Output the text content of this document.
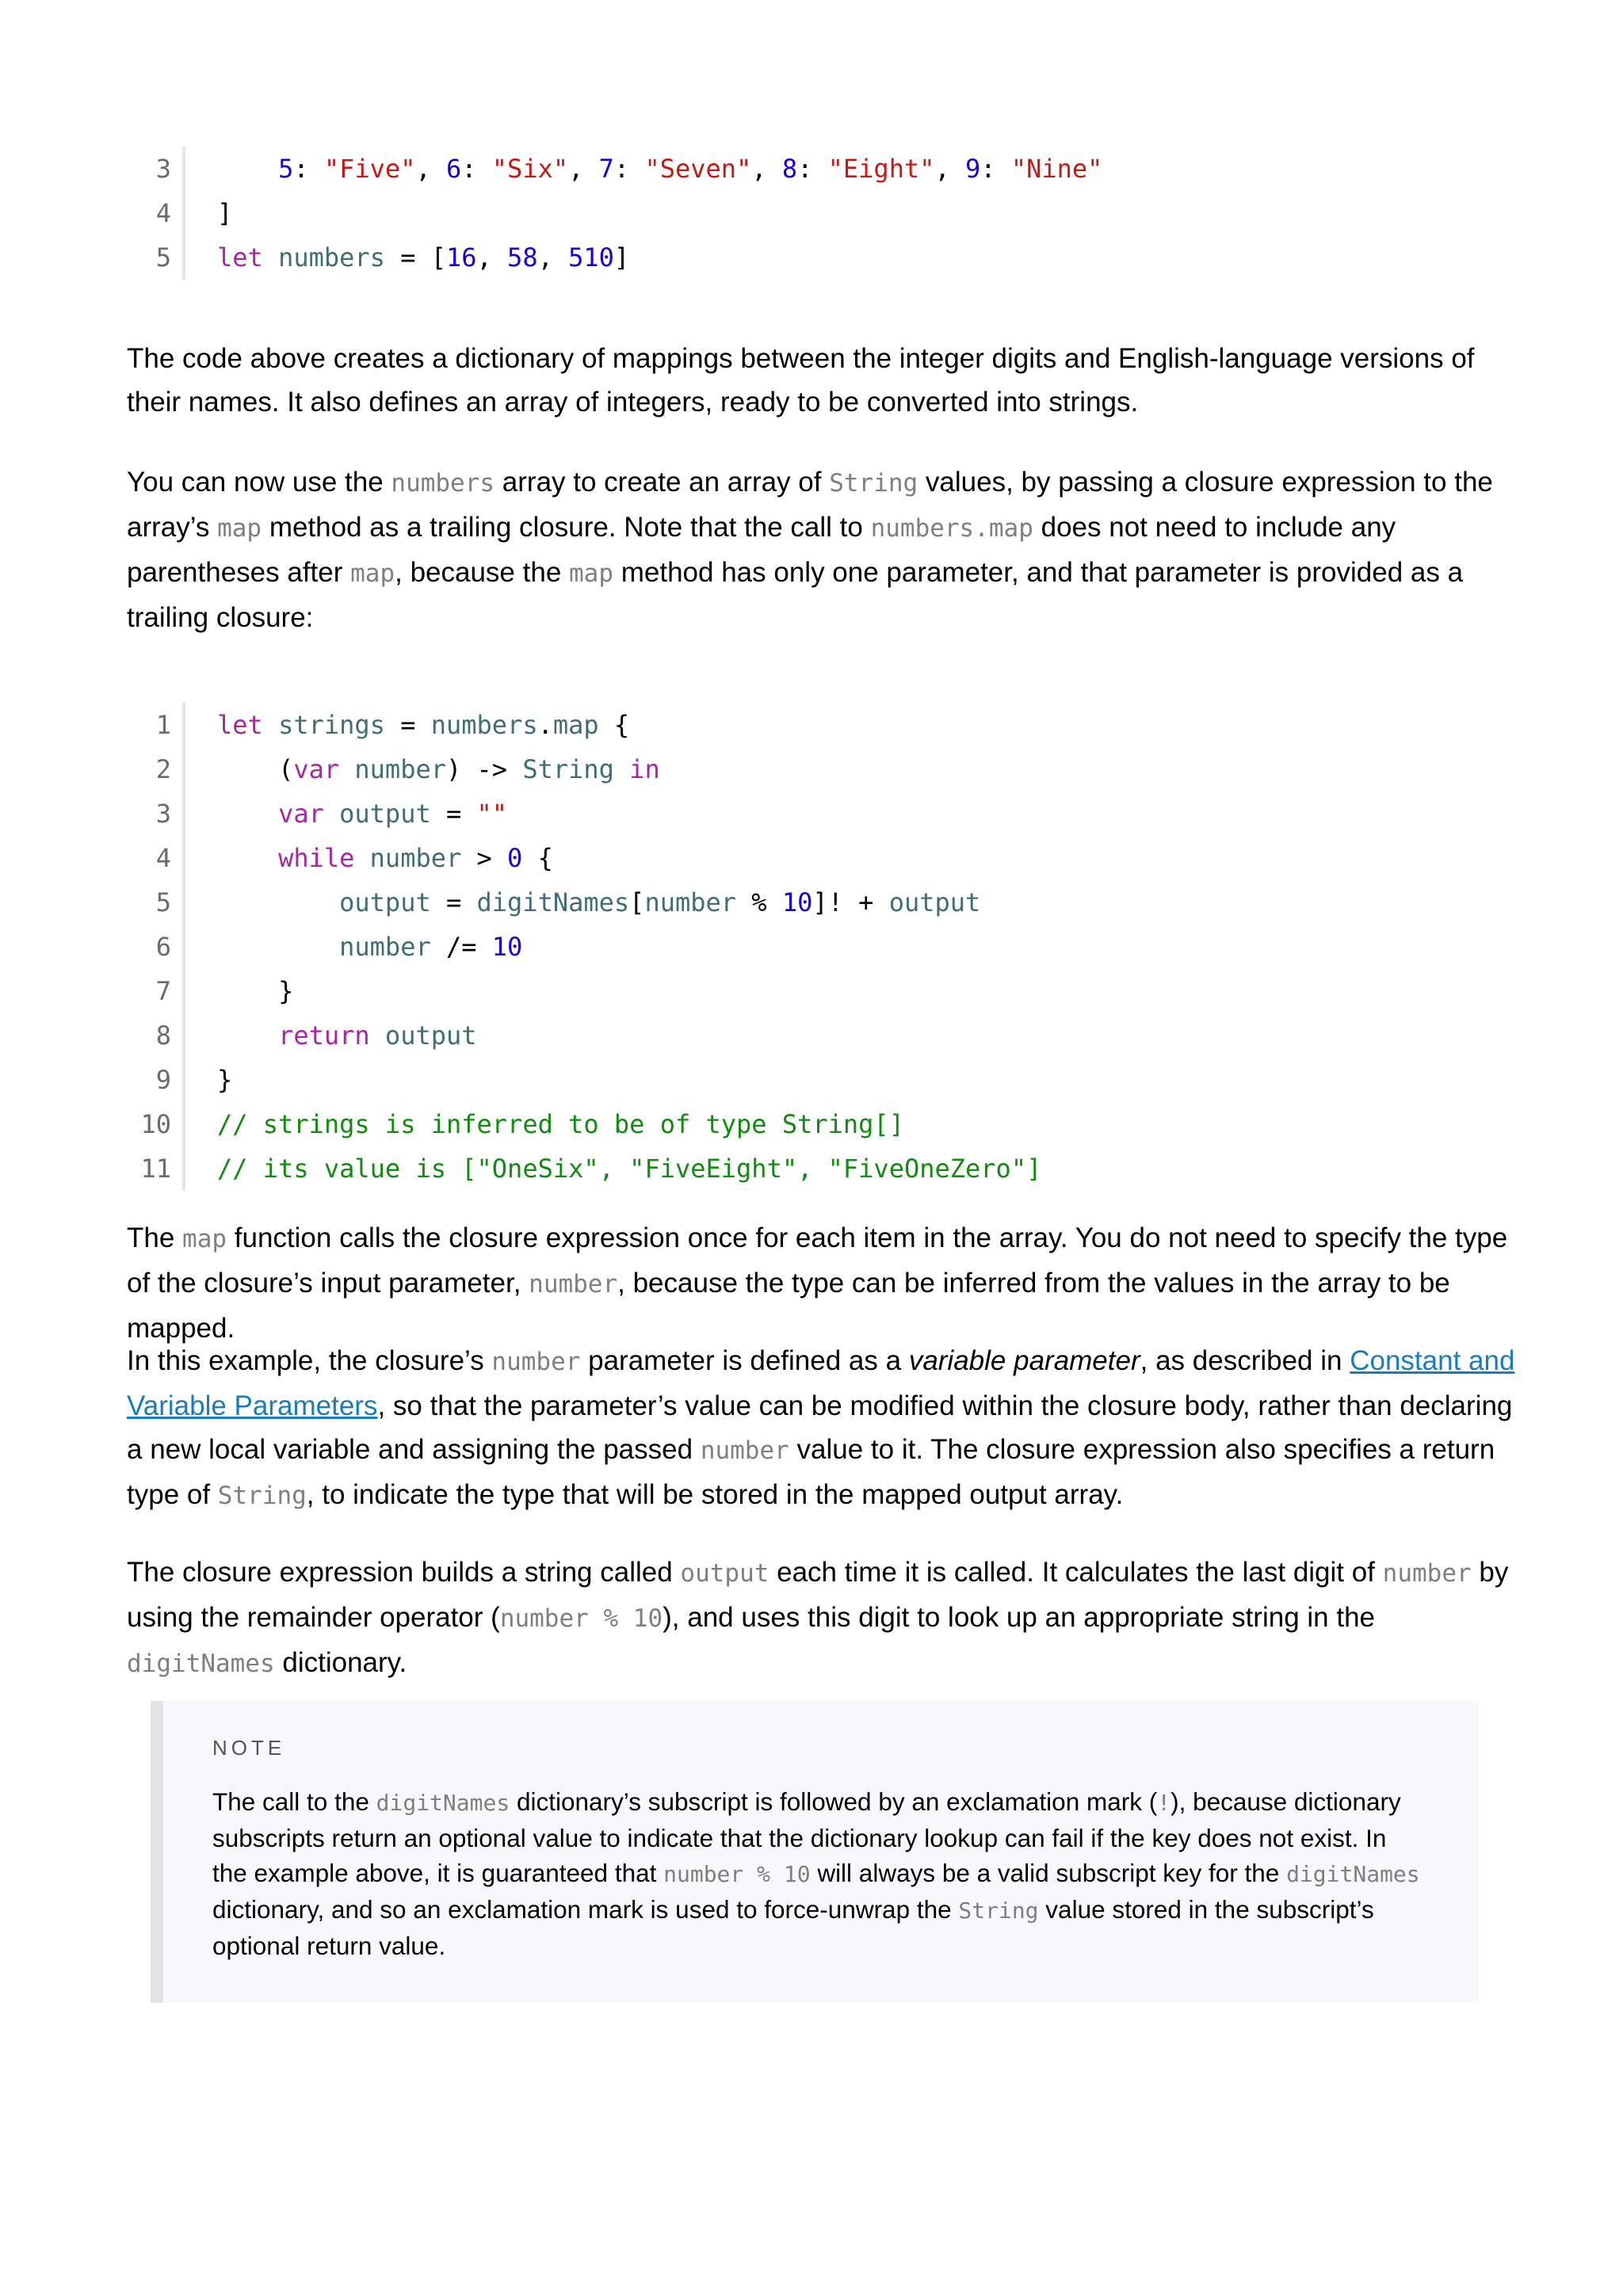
3	5: "Five", 6: "Six", 7: "Seven", 8: "Eight", 9: "Nine"
4	]
5	let numbers = [16, 58, 510]

The code above creates a dictionary of mappings between the integer digits and English-language versions of their names. It also defines an array of integers, ready to be converted into strings.

You can now use the numbers array to create an array of String values, by passing a closure expression to the array’s map method as a trailing closure. Note that the call to numbers.map does not need to include any parentheses after map, because the map method has only one parameter, and that parameter is provided as a trailing closure:

1	let strings = numbers.map {
2	(var number) -> String in
3	var output = ""
4	while number > 0 {
5	output = digitNames[number % 10]! + output
6	number /= 10
7	}
8	return output
9	}
10	// strings is inferred to be of type String[]
11	// its value is ["OneSix", "FiveEight", "FiveOneZero"]

The map function calls the closure expression once for each item in the array. You do not need to specify the type of the closure’s input parameter, number, because the type can be inferred from the values in the array to be mapped.

In this example, the closure’s number parameter is defined as a variable parameter, as described in Constant and Variable Parameters, so that the parameter’s value can be modified within the closure body, rather than declaring a new local variable and assigning the passed number value to it. The closure expression also specifies a return type of String, to indicate the type that will be stored in the mapped output array.

The closure expression builds a string called output each time it is called. It calculates the last digit of number by using the remainder operator (number % 10), and uses this digit to look up an appropriate string in the digitNames dictionary.

NOTE
The call to the digitNames dictionary’s subscript is followed by an exclamation mark (!), because dictionary subscripts return an optional value to indicate that the dictionary lookup can fail if the key does not exist. In the example above, it is guaranteed that number % 10 will always be a valid subscript key for the digitNames dictionary, and so an exclamation mark is used to force-unwrap the String value stored in the subscript’s optional return value.
